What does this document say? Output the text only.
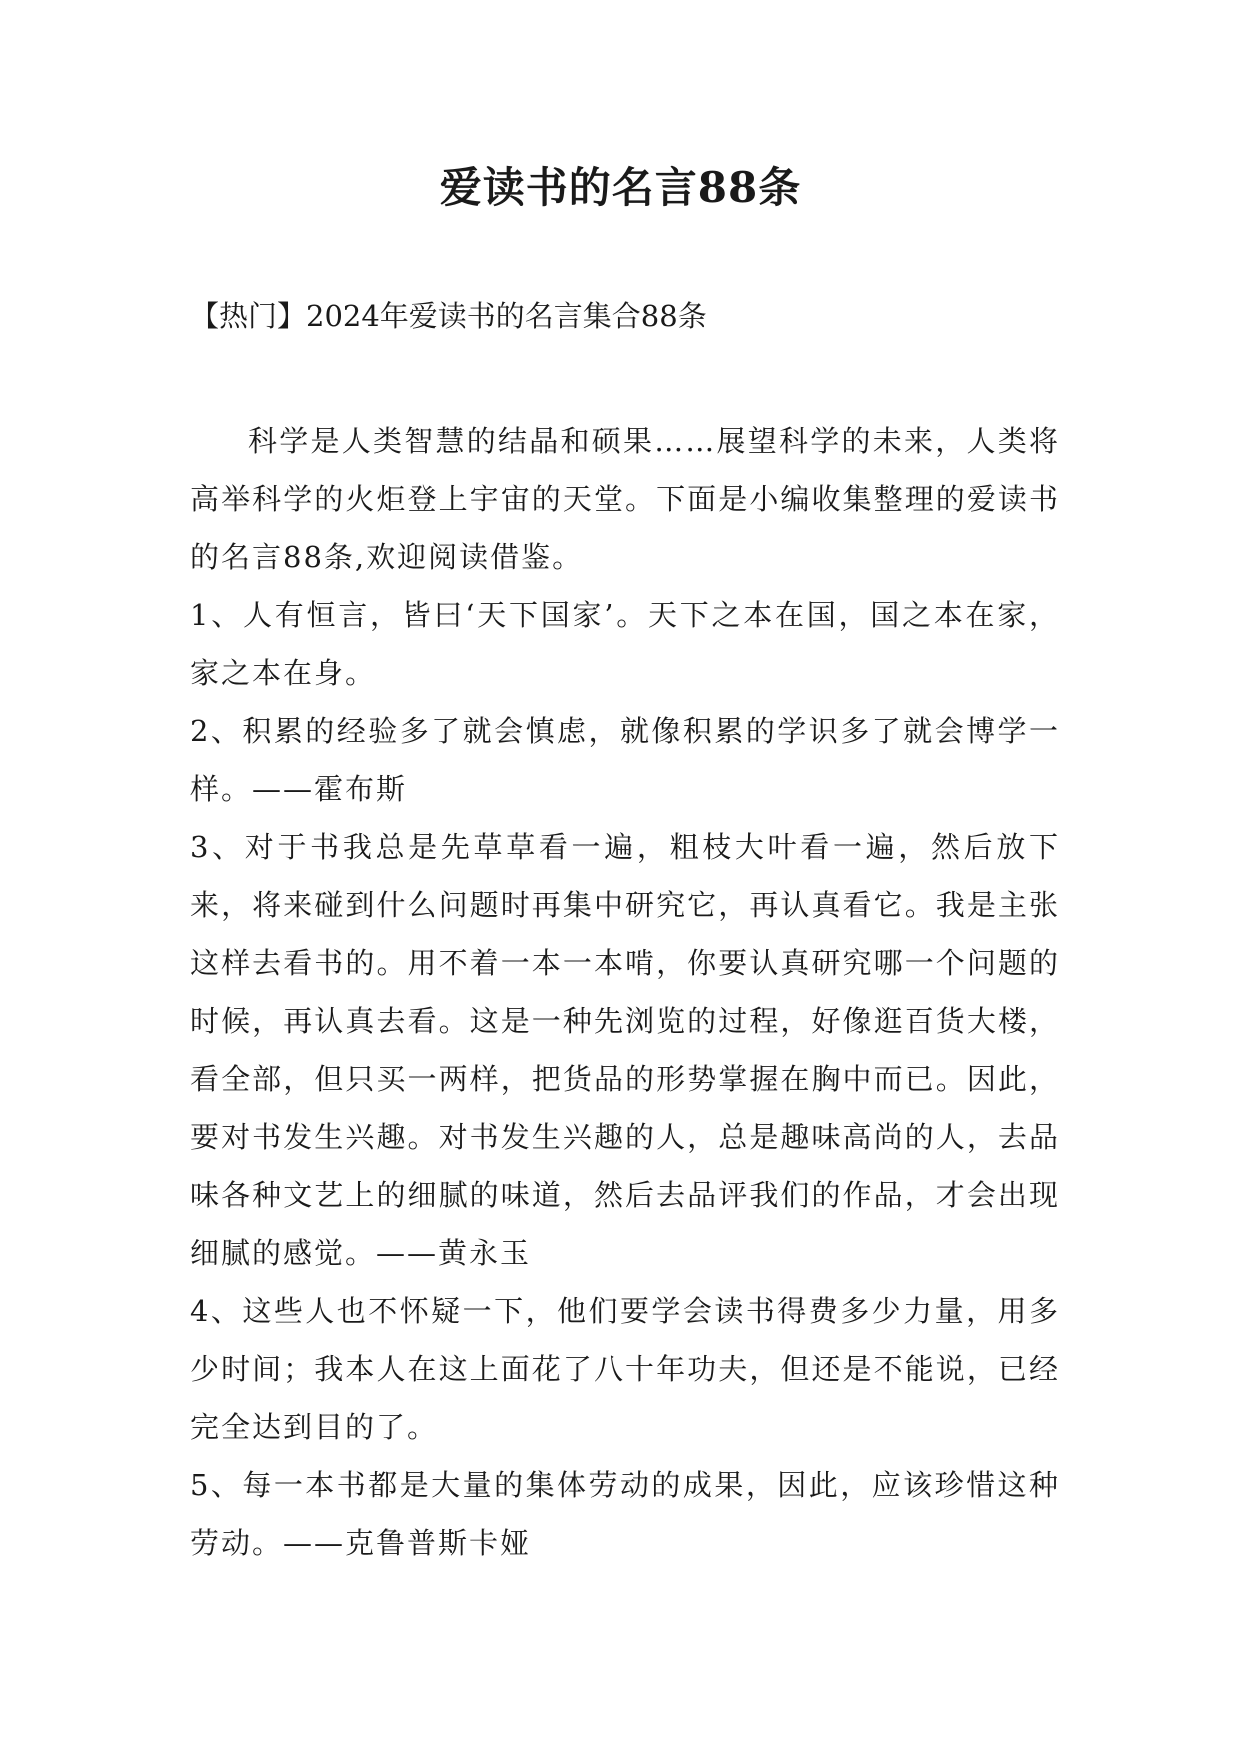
爱读书的名言88条
【热门】2024年爱读书的名言集合88条

科学是人类智慧的结晶和硕果……展望科学的未来，人类将高举科学的火炬登上宇宙的天堂。下面是小编收集整理的爱读书的名言88条,欢迎阅读借鉴。

1、人有恒言，皆曰‘天下国家’。天下之本在国，国之本在家，家之本在身。

2、积累的经验多了就会慎虑，就像积累的学识多了就会博学一样。——霍布斯

3、对于书我总是先草草看一遍，粗枝大叶看一遍，然后放下来，将来碰到什么问题时再集中研究它，再认真看它。我是主张这样去看书的。用不着一本一本啃，你要认真研究哪一个问题的时候，再认真去看。这是一种先浏览的过程，好像逛百货大楼，看全部，但只买一两样，把货品的形势掌握在胸中而已。因此，要对书发生兴趣。对书发生兴趣的人，总是趣味高尚的人，去品味各种文艺上的细腻的味道，然后去品评我们的作品，才会出现细腻的感觉。——黄永玉

4、这些人也不怀疑一下，他们要学会读书得费多少力量，用多少时间；我本人在这上面花了八十年功夫，但还是不能说，已经完全达到目的了。

5、每一本书都是大量的集体劳动的成果，因此，应该珍惜这种劳动。——克鲁普斯卡娅
